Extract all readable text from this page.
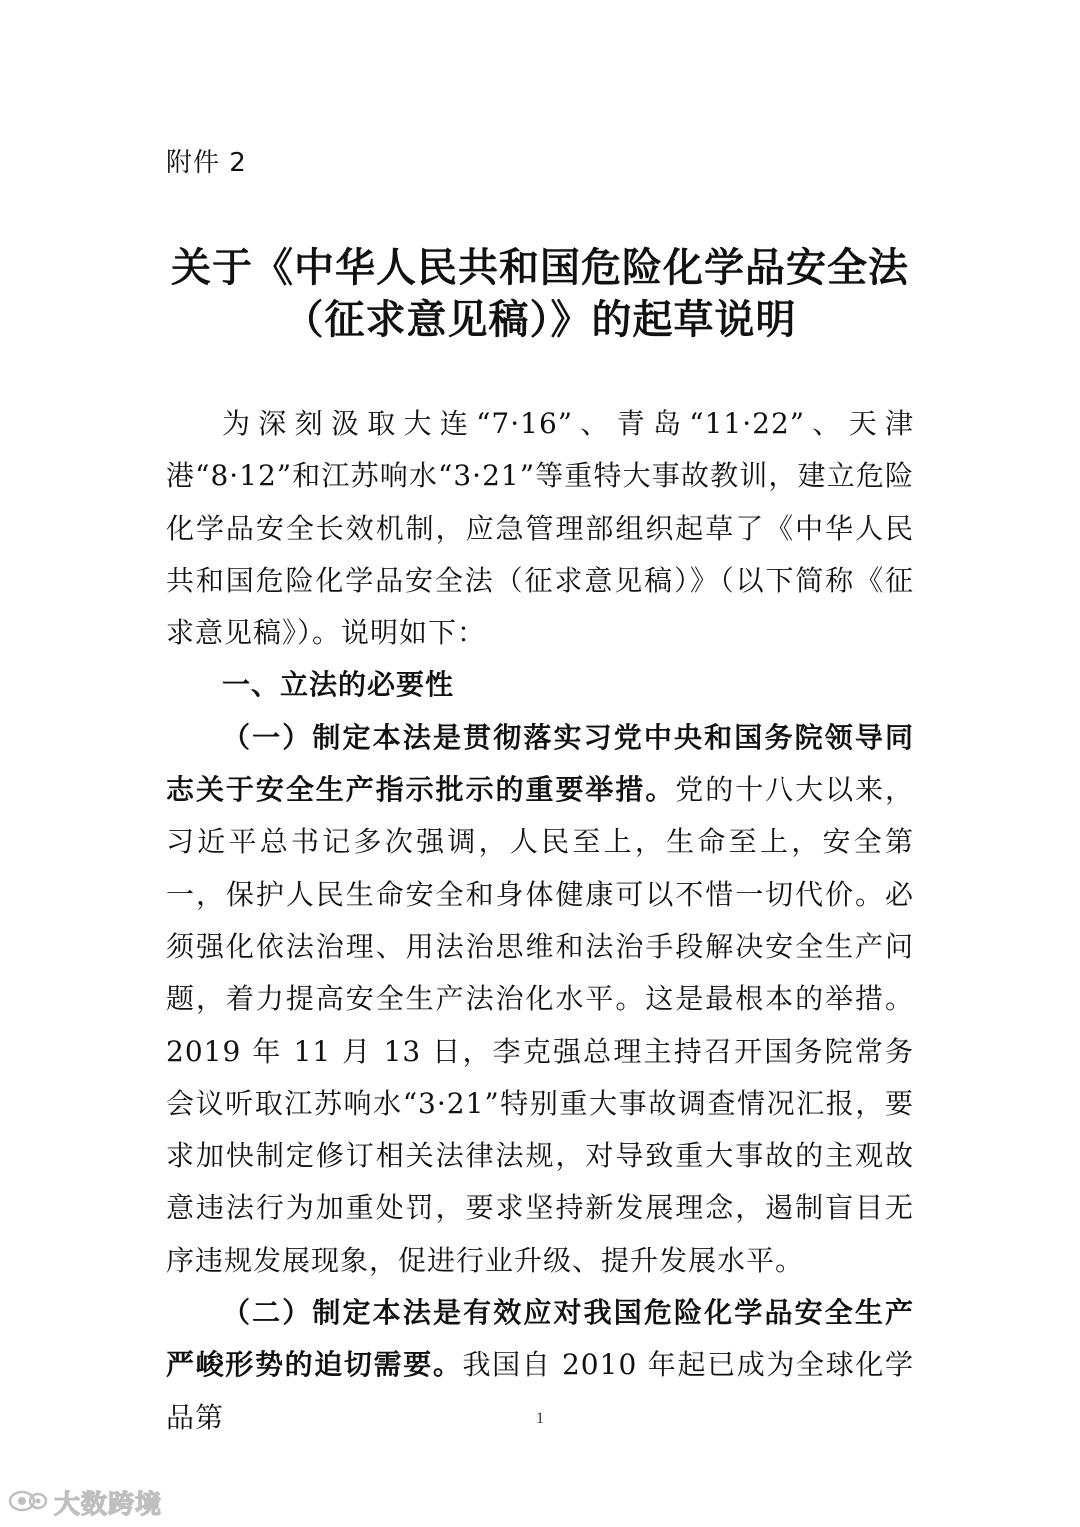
附件 2
关于《中华人民共和国危险化学品安全法
（征求意见稿）》的起草说明

为深刻汲取大连“7·16”、青岛“11·22”、天津港“8·12”和江苏响水“3·21”等重特大事故教训，建立危险化学品安全长效机制，应急管理部组织起草了《中华人民共和国危险化学品安全法（征求意见稿）》（以下简称《征求意见稿》）。说明如下：

一、立法的必要性

（一）制定本法是贯彻落实习党中央和国务院领导同志关于安全生产指示批示的重要举措。党的十八大以来，习近平总书记多次强调，人民至上，生命至上，安全第一，保护人民生命安全和身体健康可以不惜一切代价。必须强化依法治理、用法治思维和法治手段解决安全生产问题，着力提高安全生产法治化水平。这是最根本的举措。2019 年 11 月 13 日，李克强总理主持召开国务院常务会议听取江苏响水“3·21”特别重大事故调查情况汇报，要求加快制定修订相关法律法规，对导致重大事故的主观故意违法行为加重处罚，要求坚持新发展理念，遏制盲目无序违规发展现象，促进行业升级、提升发展水平。

（二）制定本法是有效应对我国危险化学品安全生产严峻形势的迫切需要。我国自 2010 年起已成为全球化学品第	1
大数跨境
